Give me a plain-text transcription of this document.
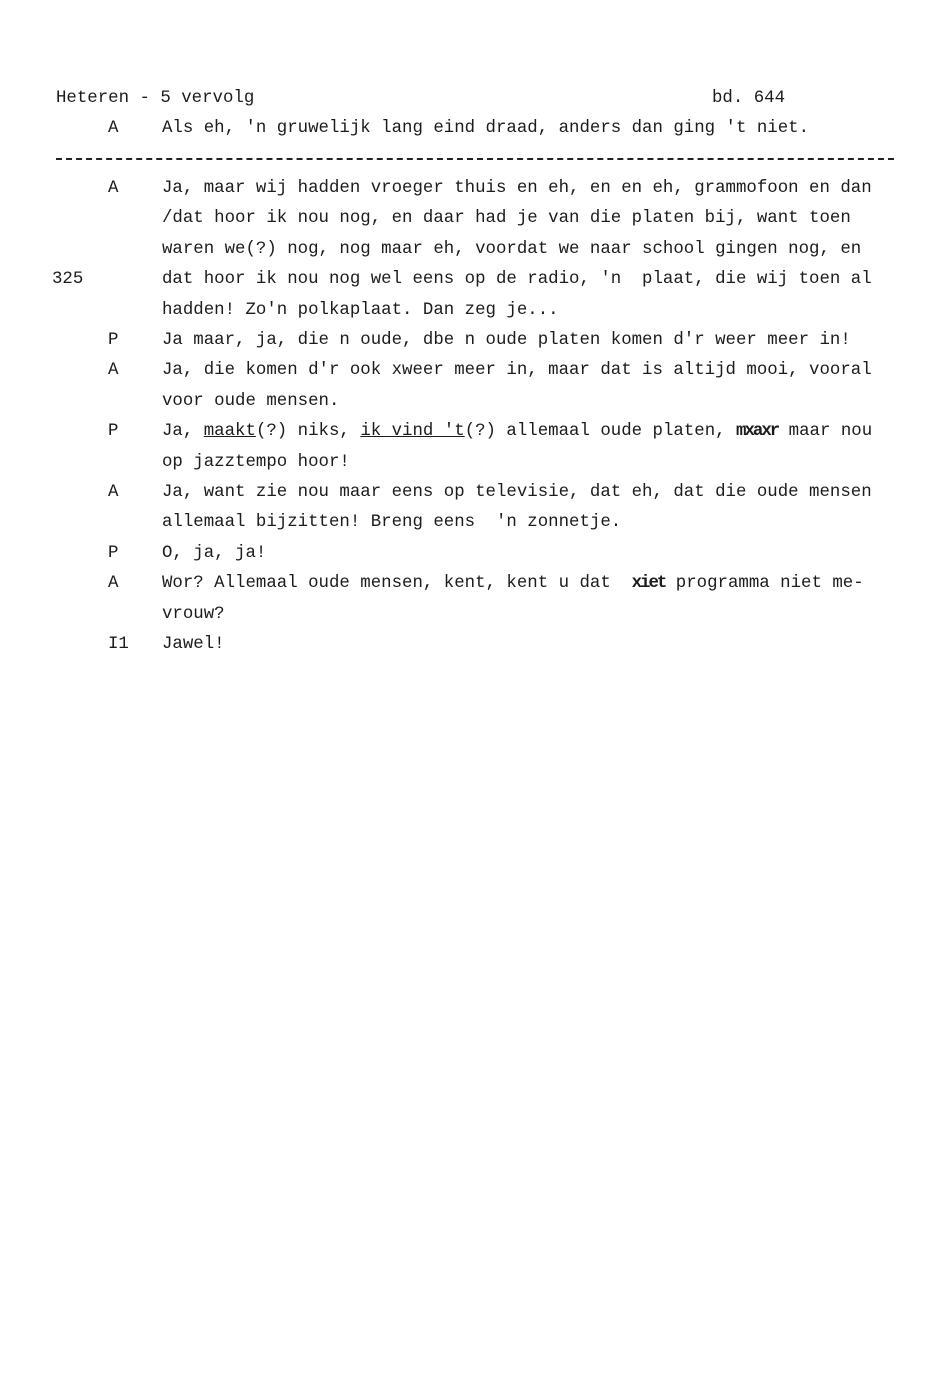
Heteren - 5 vervolg	bd. 644
A	Als eh, 'n gruwelijk lang eind draad, anders dan ging 't niet.
325
A	Ja, maar wij hadden vroeger thuis en eh, en en eh, grammofoon en dan
/dat hoor ik nou nog, en daar had je van die platen bij, want toen
waren we(?) nog, nog maar eh, voordat we naar school gingen nog, en
dat hoor ik nou nog wel eens op de radio, 'n  plaat, die wij toen al
hadden! Zo'n polkaplaat. Dan zeg je...
P	Ja maar, ja, die n oude, dbe n oude platen komen d'r weer meer in!
A	Ja, die komen d'r ook xweer meer in, maar dat is altijd mooi, vooral
voor oude mensen.
P	Ja, maakt(?) niks, ik vind 't(?) allemaal oude platen, mxaxr maar nou
op jazztempo hoor!
A	Ja, want zie nou maar eens op televisie, dat eh, dat die oude mensen
allemaal bijzitten! Breng eens  'n zonnetje.
P	O, ja, ja!
A	Wor? Allemaal oude mensen, kent, kent u dat  xiet programma niet me-
vrouw?
I1 Jawel!
